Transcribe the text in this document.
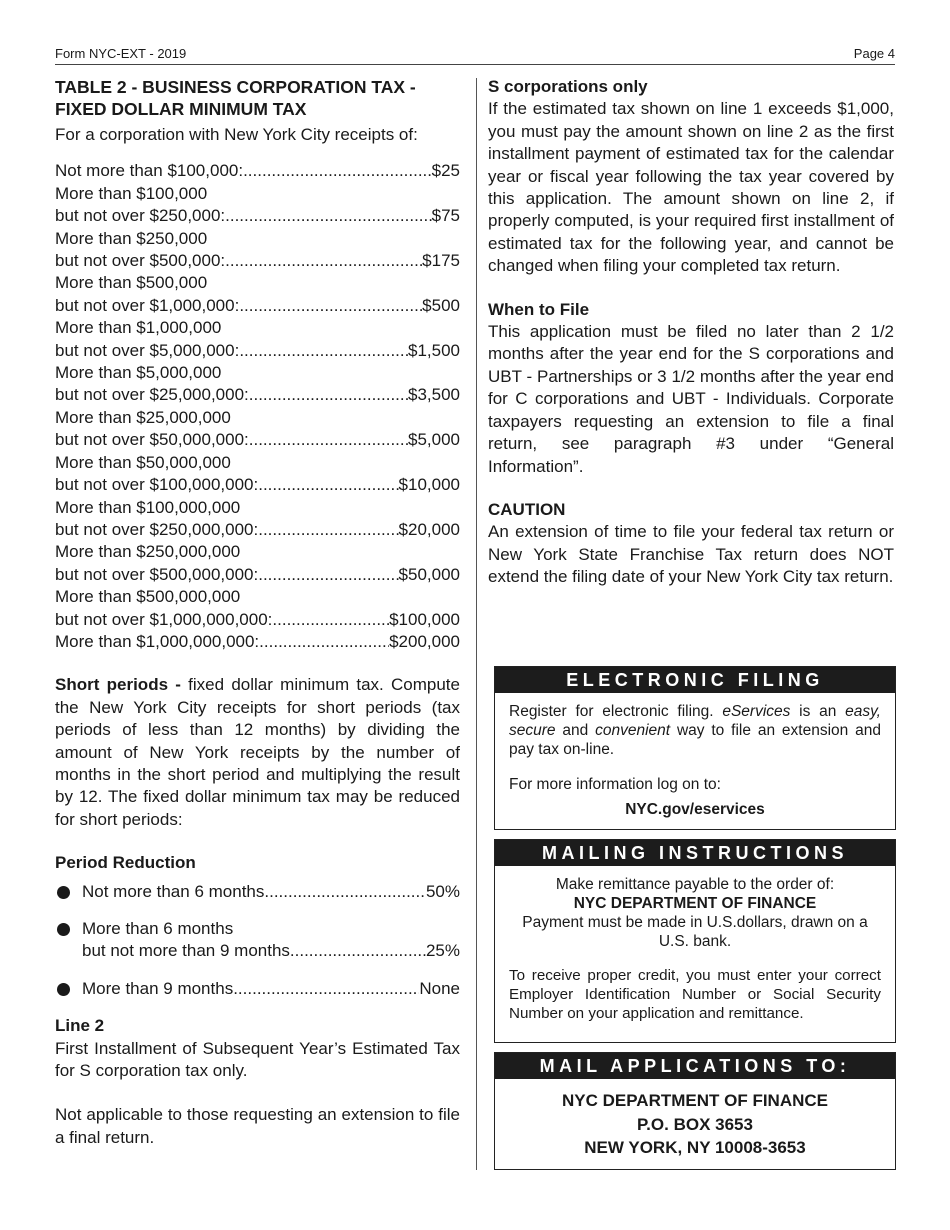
Form NYC-EXT - 2019	Page 4

TABLE 2 - BUSINESS CORPORATION TAX - FIXED DOLLAR MINIMUM TAX

For a corporation with New York City receipts of:

Not more than $100,000: .....	$25
More than $100,000
but not over $250,000: .....	$75
More than $250,000
but not over $500,000: .....	$175
More than $500,000
but not over $1,000,000: .....	$500
More than $1,000,000
but not over $5,000,000: .....	$1,500
More than $5,000,000
but not over $25,000,000: .....	$3,500
More than $25,000,000
but not over $50,000,000: .....	$5,000
More than $50,000,000
but not over $100,000,000: .....	$10,000
More than $100,000,000
but not over $250,000,000: .....	$20,000
More than $250,000,000
but not over $500,000,000: .....	$50,000
More than $500,000,000
but not over $1,000,000,000: .....	$100,000
More than $1,000,000,000: .....	$200,000

Short periods - fixed dollar minimum tax. Compute the New York City receipts for short periods (tax periods of less than 12 months) by dividing the amount of New York receipts by the number of months in the short period and multiplying the result by 12. The fixed dollar minimum tax may be reduced for short periods:

Period Reduction
Not more than 6 months .....	50%
More than 6 months
but not more than 9 months .....	25%
More than 9 months .....	None
Line 2

First Installment of Subsequent Year’s Estimated Tax for S corporation tax only.

Not applicable to those requesting an extension to file a final return.

S corporations only

If the estimated tax shown on line 1 exceeds $1,000, you must pay the amount shown on line 2 as the first installment payment of estimated tax for the calendar year or fiscal year following the tax year covered by this application. The amount shown on line 2, if properly computed, is your required first installment of estimated tax for the following year, and cannot be changed when filing your completed tax return.

When to File

This application must be filed no later than 2 1/2 months after the year end for the S corporations and UBT - Partnerships or 3 1/2 months after the year end for C corporations and UBT - Individuals. Corporate taxpayers requesting an extension to file a final return, see paragraph #3 under “General Information”.

CAUTION

An extension of time to file your federal tax return or New York State Franchise Tax return does NOT extend the filing date of your New York City tax return.

ELECTRONIC FILING

Register for electronic filing. eServices is an easy, secure and convenient way to file an extension and pay tax on-line.

For more information log on to:

NYC.gov/eservices
MAILING INSTRUCTIONS
Make remittance payable to the order of:
NYC DEPARTMENT OF FINANCE
Payment must be made in U.S.dollars, drawn on a U.S. bank.
To receive proper credit, you must enter your correct Employer Identification Number or Social Security Number on your application and remittance.
MAIL APPLICATIONS TO:
NYC DEPARTMENT OF FINANCE
P.O. BOX 3653
NEW YORK, NY 10008-3653
